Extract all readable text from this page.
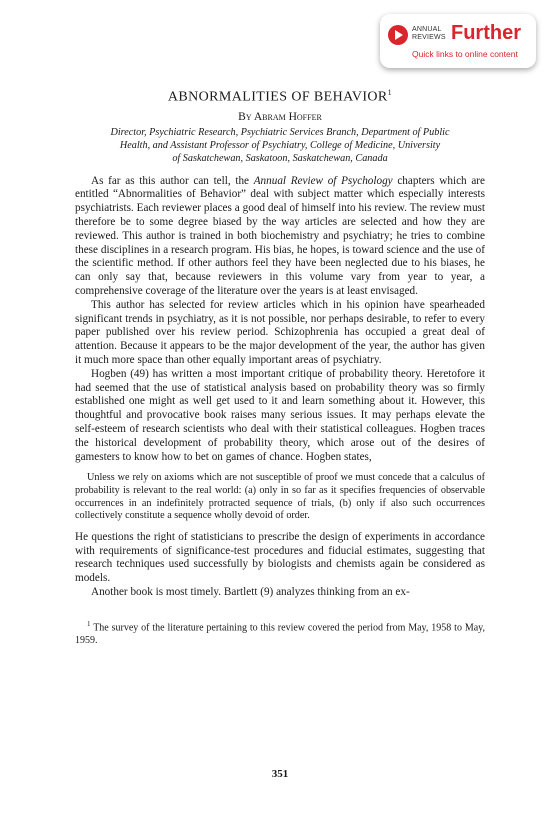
ANNUAL
REVIEWS Further
Quick links to online content
ABNORMALITIES OF BEHAVIOR$^1$
By Abram Hoffer
Director, Psychiatric Research, Psychiatric Services Branch, Department of Public
Health, and Assistant Professor of Psychiatry, College of Medicine, University
of Saskatchewan, Saskatoon, Saskatchewan, Canada

As far as this author can tell, the Annual Review of Psychology chapters which are entitled “Abnormalities of Behavior” deal with subject matter which especially interests psychiatrists. Each reviewer places a good deal of himself into his review. The review must therefore be to some degree biased by the way articles are selected and how they are reviewed. This author is trained in both biochemistry and psychiatry; he tries to combine these disciplines in a research program. His bias, he hopes, is toward science and the use of the scientific method. If other authors feel they have been neglected due to his biases, he can only say that, because reviewers in this volume vary from year to year, a comprehensive coverage of the literature over the years is at least envisaged.

This author has selected for review articles which in his opinion have spearheaded significant trends in psychiatry, as it is not possible, nor perhaps desirable, to refer to every paper published over his review period. Schizophrenia has occupied a great deal of attention. Because it appears to be the major development of the year, the author has given it much more space than other equally important areas of psychiatry.

Hogben (49) has written a most important critique of probability theory. Heretofore it had seemed that the use of statistical analysis based on probability theory was so firmly established one might as well get used to it and learn something about it. However, this thoughtful and provocative book raises many serious issues. It may perhaps elevate the self-esteem of research scientists who deal with their statistical colleagues. Hogben traces the historical development of probability theory, which arose out of the desires of gamesters to know how to bet on games of chance. Hogben states,

Unless we rely on axioms which are not susceptible of proof we must concede that a calculus of probability is relevant to the real world: (a) only in so far as it specifies frequencies of observable occurrences in an indefinitely protracted sequence of trials, (b) only if also such occurrences collectively constitute a sequence wholly devoid of order.

He questions the right of statisticians to prescribe the design of experiments in accordance with requirements of significance-test procedures and fiducial estimates, suggesting that research techniques used successfully by biologists and chemists again be considered as models.

Another book is most timely. Bartlett (9) analyzes thinking from an ex-

$^1$ The survey of the literature pertaining to this review covered the period from May, 1958 to May, 1959.

351
